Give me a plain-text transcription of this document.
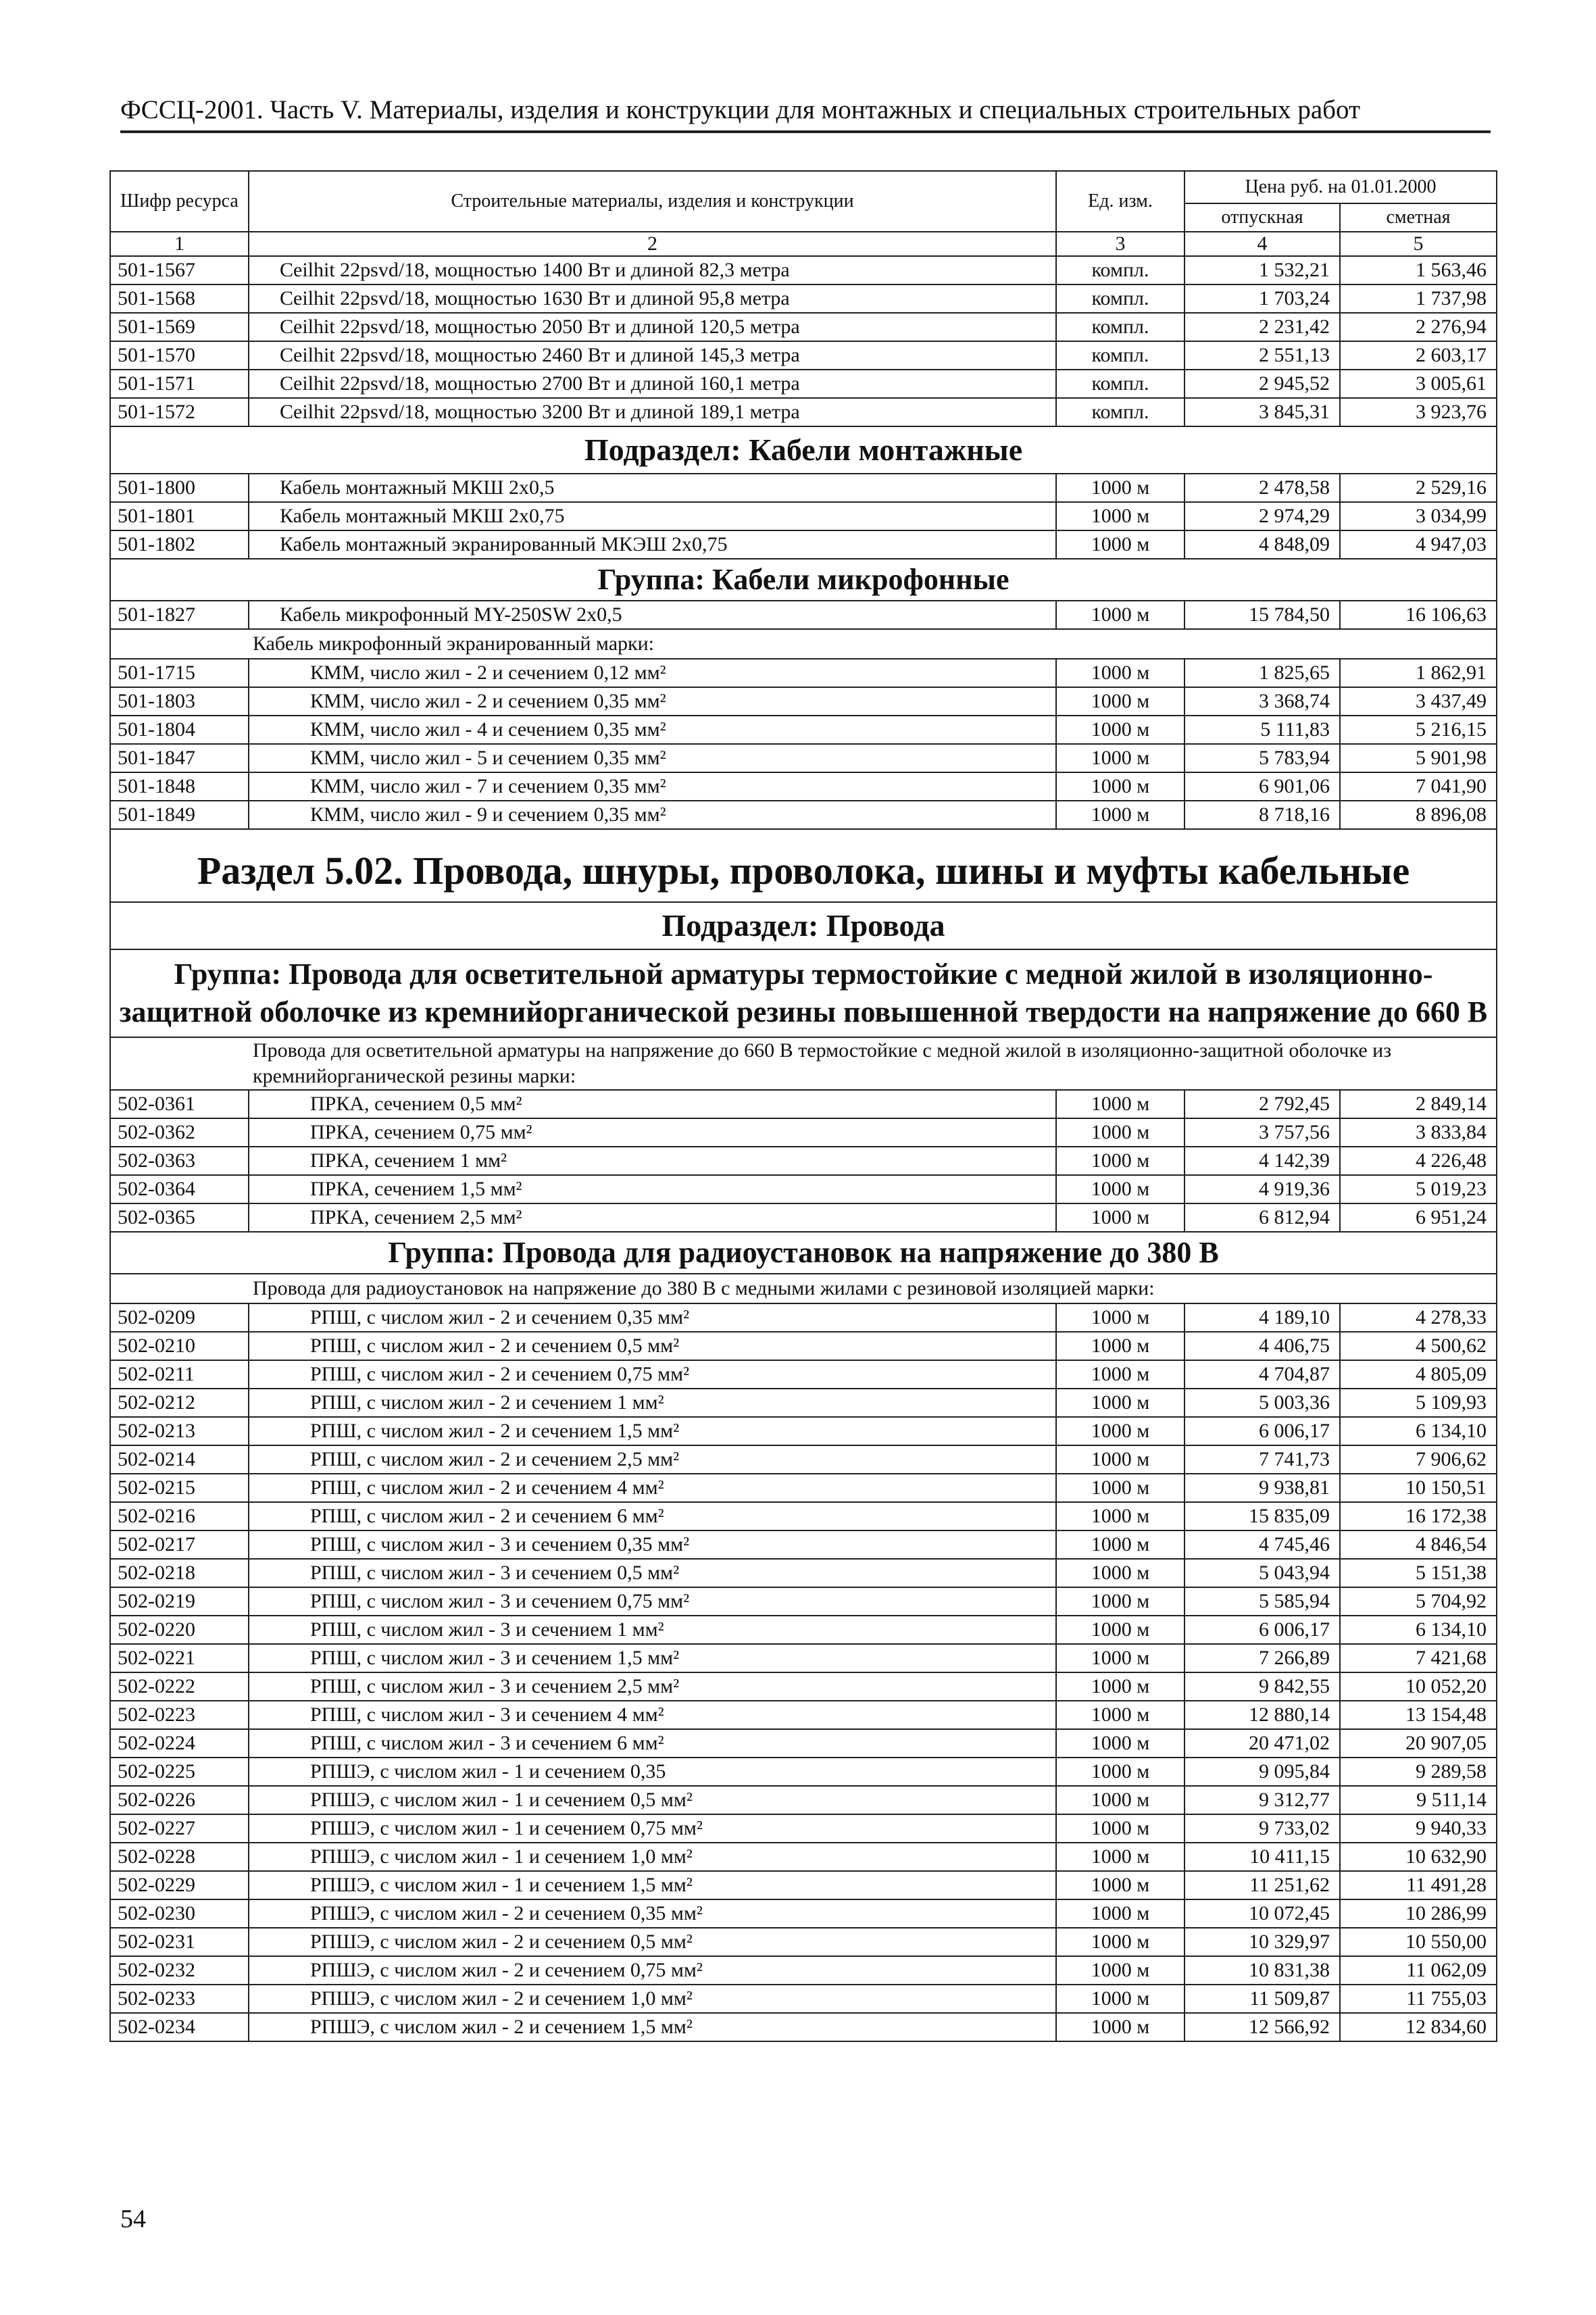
ФССЦ-2001. Часть V. Материалы, изделия и конструкции для монтажных и специальных строительных работ
Шифр ресурса	Строительные материалы, изделия и конструкции	Ед. изм.	Цена руб. на 01.01.2000	
			отпускная	сметная
1	2	3	4	5
501-1567	Ceilhit 22psvd/18, мощностью 1400 Вт и длиной 82,3 метра	компл.	1 532,21	1 563,46
501-1568	Ceilhit 22psvd/18, мощностью 1630 Вт и длиной 95,8 метра	компл.	1 703,24	1 737,98
501-1569	Ceilhit 22psvd/18, мощностью 2050 Вт и длиной 120,5 метра	компл.	2 231,42	2 276,94
501-1570	Ceilhit 22psvd/18, мощностью 2460 Вт и длиной 145,3 метра	компл.	2 551,13	2 603,17
501-1571	Ceilhit 22psvd/18, мощностью 2700 Вт и длиной 160,1 метра	компл.	2 945,52	3 005,61
501-1572	Ceilhit 22psvd/18, мощностью 3200 Вт и длиной 189,1 метра	компл.	3 845,31	3 923,76
Подраздел: Кабели монтажные				
501-1800	Кабель монтажный МКШ 2х0,5	1000 м	2 478,58	2 529,16
501-1801	Кабель монтажный МКШ 2х0,75	1000 м	2 974,29	3 034,99
501-1802	Кабель монтажный экранированный МКЭШ 2х0,75	1000 м	4 848,09	4 947,03
Группа: Кабели микрофонные				
501-1827	Кабель микрофонный MY-250SW 2x0,5	1000 м	15 784,50	16 106,63
Кабель микрофонный экранированный марки:				
501-1715	КММ, число жил - 2 и сечением 0,12 мм²	1000 м	1 825,65	1 862,91
501-1803	КММ, число жил - 2 и сечением 0,35 мм²	1000 м	3 368,74	3 437,49
501-1804	КММ, число жил - 4 и сечением 0,35 мм²	1000 м	5 111,83	5 216,15
501-1847	КММ, число жил - 5 и сечением 0,35 мм²	1000 м	5 783,94	5 901,98
501-1848	КММ, число жил - 7 и сечением 0,35 мм²	1000 м	6 901,06	7 041,90
501-1849	КММ, число жил - 9 и сечением 0,35 мм²	1000 м	8 718,16	8 896,08
Раздел 5.02. Провода, шнуры, проволока, шины и муфты кабельные				
Подраздел: Провода				
Группа: Провода для осветительной арматуры термостойкие с медной жилой в изоляционно-защитной оболочке из кремнийорганической резины повышенной твердости на напряжение до 660 В				
Провода для осветительной арматуры на напряжение до 660 В термостойкие с медной жилой в изоляционно-защитной оболочке из кремнийорганической резины марки:				
502-0361	ПРКА, сечением 0,5 мм²	1000 м	2 792,45	2 849,14
502-0362	ПРКА, сечением 0,75 мм²	1000 м	3 757,56	3 833,84
502-0363	ПРКА, сечением 1 мм²	1000 м	4 142,39	4 226,48
502-0364	ПРКА, сечением 1,5 мм²	1000 м	4 919,36	5 019,23
502-0365	ПРКА, сечением 2,5 мм²	1000 м	6 812,94	6 951,24
Группа: Провода для радиоустановок на напряжение до 380 В				
Провода для радиоустановок на напряжение до 380 В с медными жилами с резиновой изоляцией марки:				
502-0209	РПШ, с числом жил - 2 и сечением 0,35 мм²	1000 м	4 189,10	4 278,33
502-0210	РПШ, с числом жил - 2 и сечением 0,5 мм²	1000 м	4 406,75	4 500,62
502-0211	РПШ, с числом жил - 2 и сечением 0,75 мм²	1000 м	4 704,87	4 805,09
502-0212	РПШ, с числом жил - 2 и сечением 1 мм²	1000 м	5 003,36	5 109,93
502-0213	РПШ, с числом жил - 2 и сечением 1,5 мм²	1000 м	6 006,17	6 134,10
502-0214	РПШ, с числом жил - 2 и сечением 2,5 мм²	1000 м	7 741,73	7 906,62
502-0215	РПШ, с числом жил - 2 и сечением 4 мм²	1000 м	9 938,81	10 150,51
502-0216	РПШ, с числом жил - 2 и сечением 6 мм²	1000 м	15 835,09	16 172,38
502-0217	РПШ, с числом жил - 3 и сечением 0,35 мм²	1000 м	4 745,46	4 846,54
502-0218	РПШ, с числом жил - 3 и сечением 0,5 мм²	1000 м	5 043,94	5 151,38
502-0219	РПШ, с числом жил - 3 и сечением 0,75 мм²	1000 м	5 585,94	5 704,92
502-0220	РПШ, с числом жил - 3 и сечением 1 мм²	1000 м	6 006,17	6 134,10
502-0221	РПШ, с числом жил - 3 и сечением 1,5 мм²	1000 м	7 266,89	7 421,68
502-0222	РПШ, с числом жил - 3 и сечением 2,5 мм²	1000 м	9 842,55	10 052,20
502-0223	РПШ, с числом жил - 3 и сечением 4 мм²	1000 м	12 880,14	13 154,48
502-0224	РПШ, с числом жил - 3 и сечением 6 мм²	1000 м	20 471,02	20 907,05
502-0225	РПШЭ, с числом жил - 1 и сечением 0,35	1000 м	9 095,84	9 289,58
502-0226	РПШЭ, с числом жил - 1 и сечением 0,5 мм²	1000 м	9 312,77	9 511,14
502-0227	РПШЭ, с числом жил - 1 и сечением 0,75 мм²	1000 м	9 733,02	9 940,33
502-0228	РПШЭ, с числом жил - 1 и сечением 1,0 мм²	1000 м	10 411,15	10 632,90
502-0229	РПШЭ, с числом жил - 1 и сечением 1,5 мм²	1000 м	11 251,62	11 491,28
502-0230	РПШЭ, с числом жил - 2 и сечением 0,35 мм²	1000 м	10 072,45	10 286,99
502-0231	РПШЭ, с числом жил - 2 и сечением 0,5 мм²	1000 м	10 329,97	10 550,00
502-0232	РПШЭ, с числом жил - 2 и сечением 0,75 мм²	1000 м	10 831,38	11 062,09
502-0233	РПШЭ, с числом жил - 2 и сечением 1,0 мм²	1000 м	11 509,87	11 755,03
502-0234	РПШЭ, с числом жил - 2 и сечением 1,5 мм²	1000 м	12 566,92	12 834,60
54
